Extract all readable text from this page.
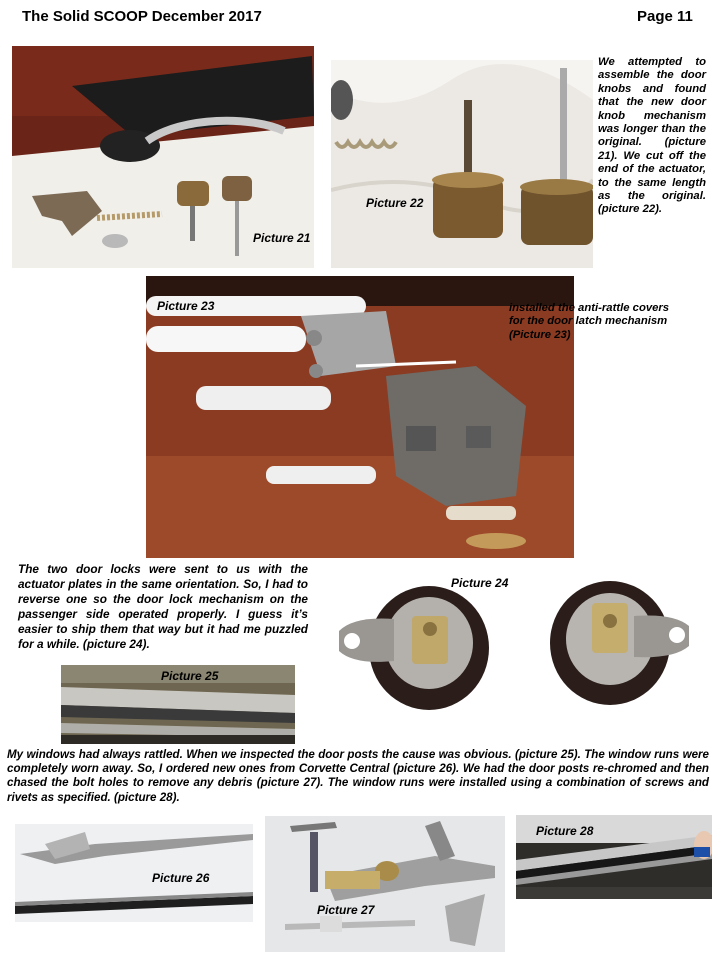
The Solid SCOOP December 2017	Page 11
Picture 21
Picture 22
We attempted to assemble the door knobs and found that the new door knob mechanism was longer than the original. (picture 21). We cut off the end of the actuator, to the same length as the original. (picture 22).
Picture 23	installed the anti-rattle covers for the door latch mechanism (Picture 23)
The two door locks were sent to us with the actuator plates in the same orientation. So, I had to reverse one so the door lock mechanism on the passenger side operated properly. I guess it’s easier to ship them that way but it had me puzzled for a while. (picture 24).
Picture 24
Picture 25
My windows had always rattled. When we inspected the door posts the cause was obvious. (picture 25). The window runs were completely worn away. So, I ordered new ones from Corvette Central (picture 26). We had the door posts re-chromed and then chased the bolt holes to remove any debris (picture 27). The window runs were installed using a combination of screws and rivets as specified. (picture 28).
Picture 26
Picture 27
Picture 28
